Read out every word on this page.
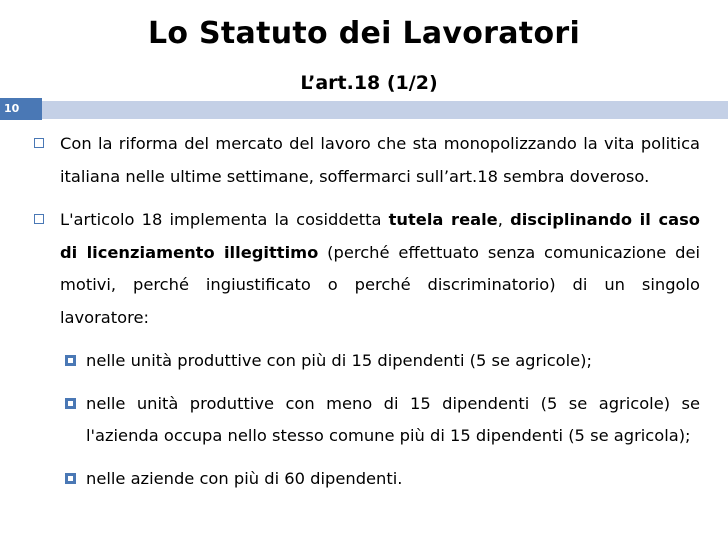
Lo Statuto dei Lavoratori
L’art.18 (1/2)
10
Con la riforma del mercato del lavoro che sta monopolizzando la vita politica italiana nelle ultime settimane, soffermarci sull’art.18 sembra doveroso.
L'articolo 18 implementa la cosiddetta tutela reale, disciplinando il caso di licenziamento illegittimo (perché effettuato senza comunicazione dei motivi, perché ingiustificato o perché discriminatorio) di un singolo lavoratore:
nelle unità produttive con più di 15 dipendenti (5 se agricole);
nelle unità produttive con meno di 15 dipendenti (5 se agricole) se l'azienda occupa nello stesso comune più di 15 dipendenti (5 se agricola);
nelle aziende con più di 60 dipendenti.
